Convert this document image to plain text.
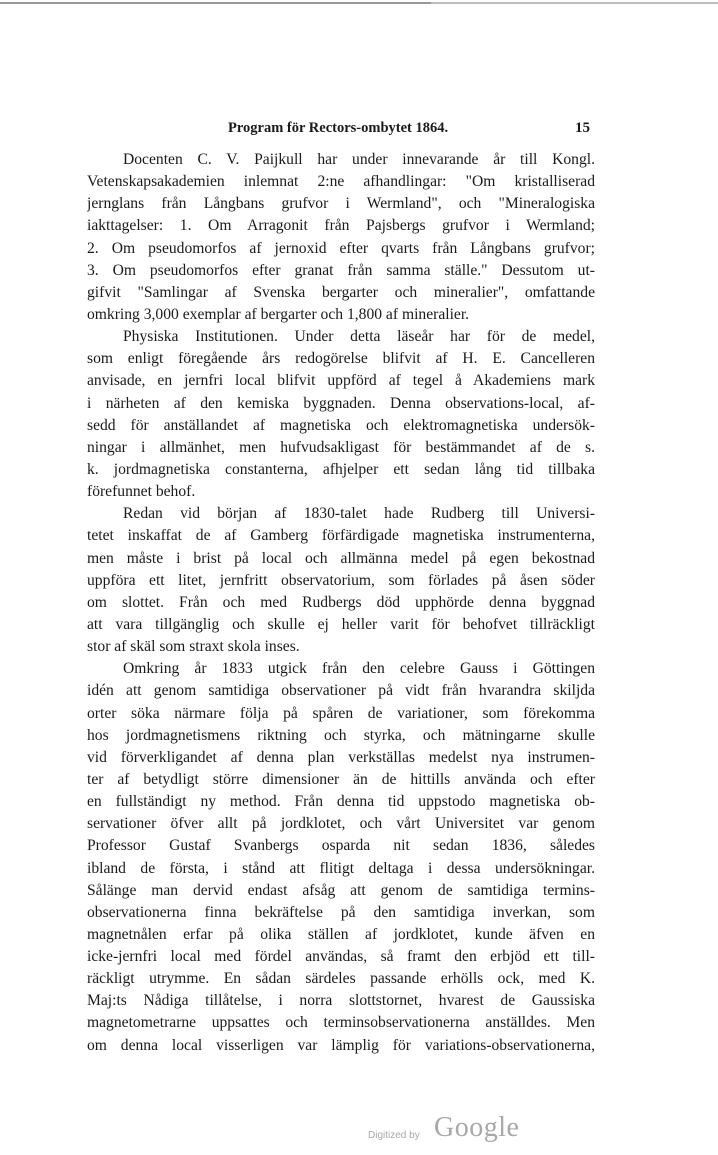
Program för Rectors-ombytet 1864.	15
Docenten C. V. Paijkull har under innevarande år till Kongl.
Vetenskapsakademien inlemnat 2:ne afhandlingar: "Om kristalliserad
jernglans från Långbans grufvor i Wermland", och "Mineralogiska
iakttagelser: 1. Om Arragonit från Pajsbergs grufvor i Wermland;
2. Om pseudomorfos af jernoxid efter qvarts från Långbans grufvor;
3. Om pseudomorfos efter granat från samma ställe." Dessutom ut-
gifvit "Samlingar af Svenska bergarter och mineralier", omfattande
omkring 3,000 exemplar af bergarter och 1,800 af mineralier.
Physiska Institutionen. Under detta läseår har för de medel,
som enligt föregående års redogörelse blifvit af H. E. Cancelleren
anvisade, en jernfri local blifvit uppförd af tegel å Akademiens mark
i närheten af den kemiska byggnaden. Denna observations-local, af-
sedd för anställandet af magnetiska och elektromagnetiska undersök-
ningar i allmänhet, men hufvudsakligast för bestämmandet af de s.
k. jordmagnetiska constanterna, afhjelper ett sedan lång tid tillbaka
förefunnet behof.
Redan vid början af 1830-talet hade Rudberg till Universi-
tetet inskaffat de af Gamberg förfärdigade magnetiska instrumenterna,
men måste i brist på local och allmänna medel på egen bekostnad
uppföra ett litet, jernfritt observatorium, som förlades på åsen söder
om slottet. Från och med Rudbergs död upphörde denna byggnad
att vara tillgänglig och skulle ej heller varit för behofvet tillräckligt
stor af skäl som straxt skola inses.
Omkring år 1833 utgick från den celebre Gauss i Göttingen
idén att genom samtidiga observationer på vidt från hvarandra skiljda
orter söka närmare följa på spåren de variationer, som förekomma
hos jordmagnetismens riktning och styrka, och mätningarne skulle
vid förverkligandet af denna plan verkställas medelst nya instrumen-
ter af betydligt större dimensioner än de hittills använda och efter
en fullständigt ny method. Från denna tid uppstodo magnetiska ob-
servationer öfver allt på jordklotet, och vårt Universitet var genom
Professor Gustaf Svanbergs ospardа nit sedan 1836, således
ibland de första, i stånd att flitigt deltaga i dessa undersökningar.
Sålänge man dervid endast afsåg att genom de samtidiga termins-
observationerna finna bekräftelse på den samtidiga inverkan, som
magnetnålen erfar på olika ställen af jordklotet, kunde äfven en
icke-jernfri local med fördel användas, så framt den erbjöd ett till-
räckligt utrymme. En sådan särdeles passande erhölls ock, med K.
Maj:ts Nådiga tillåtelse, i norra slottstornet, hvarest de Gaussiska
magnetometrarne uppsattes och terminsobservationerna anställdes. Men
om denna local visserligen var lämplig för variations-observationerna,
Digitized by Google
